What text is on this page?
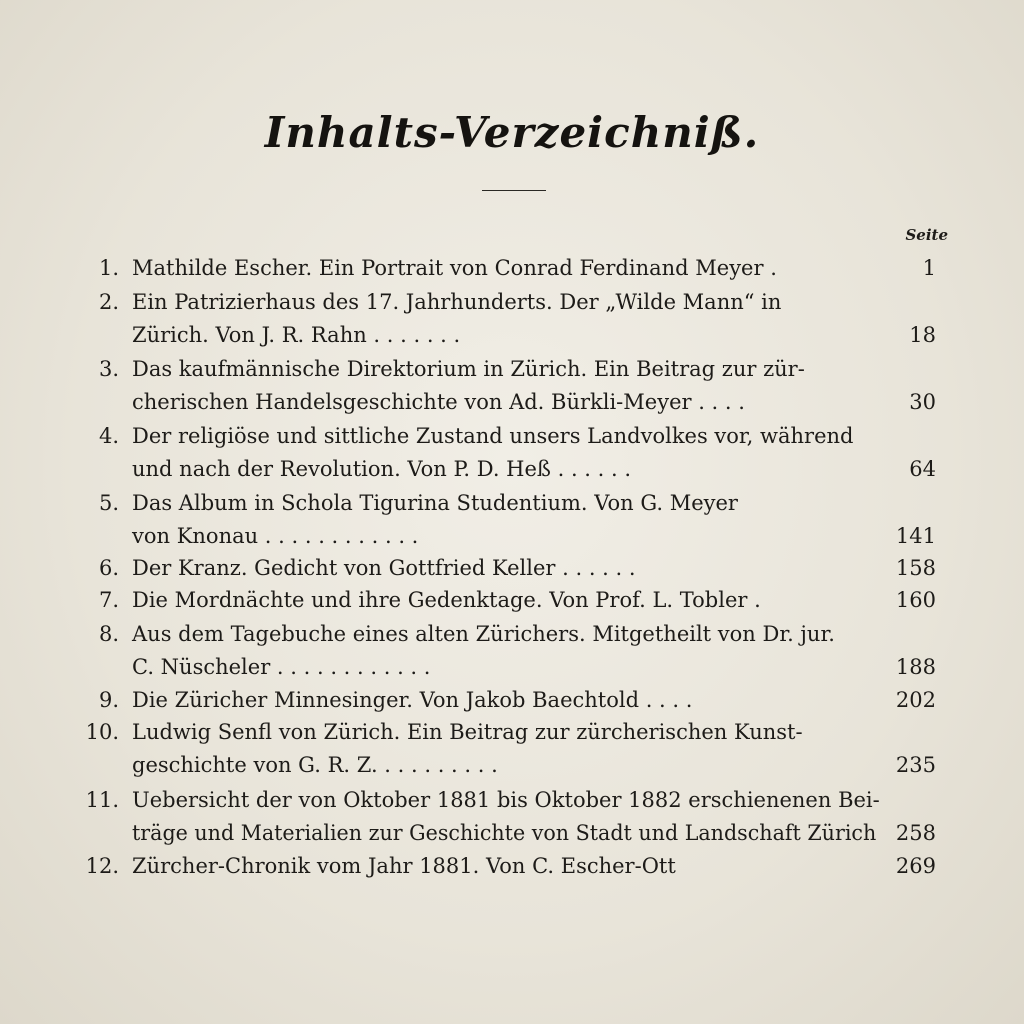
Inhalts-Verzeichniß.
Seite
1. Mathilde Escher. Ein Portrait von Conrad Ferdinand Meyer .	1
2. Ein Patrizierhaus des 17. Jahrhunderts. Der „Wilde Mann“ in
Zürich. Von J. R. Rahn . . . . . . .	18
3. Das kaufmännische Direktorium in Zürich. Ein Beitrag zur zür-
cherischen Handelsgeschichte von Ad. Bürkli-Meyer . . . .	30
4. Der religiöse und sittliche Zustand unsers Landvolkes vor, während
und nach der Revolution. Von P. D. Heß . . . . . .	64
5. Das Album in Schola Tigurina Studentium. Von G. Meyer
von Knonau . . . . . . . . . . . .	141
6. Der Kranz. Gedicht von Gottfried Keller . . . . . .	158
7. Die Mordnächte und ihre Gedenktage. Von Prof. L. Tobler .	160
8. Aus dem Tagebuche eines alten Zürichers. Mitgetheilt von Dr. jur.
C. Nüscheler . . . . . . . . . . . .	188
9. Die Züricher Minnesinger. Von Jakob Baechtold . . . .	202
10. Ludwig Senfl von Zürich. Ein Beitrag zur zürcherischen Kunst-
geschichte von G. R. Z. . . . . . . . . .	235
11. Uebersicht der von Oktober 1881 bis Oktober 1882 erschienenen Bei-
träge und Materialien zur Geschichte von Stadt und Landschaft Zürich 258
12. Zürcher-Chronik vom Jahr 1881. Von C. Escher-Ott	269
